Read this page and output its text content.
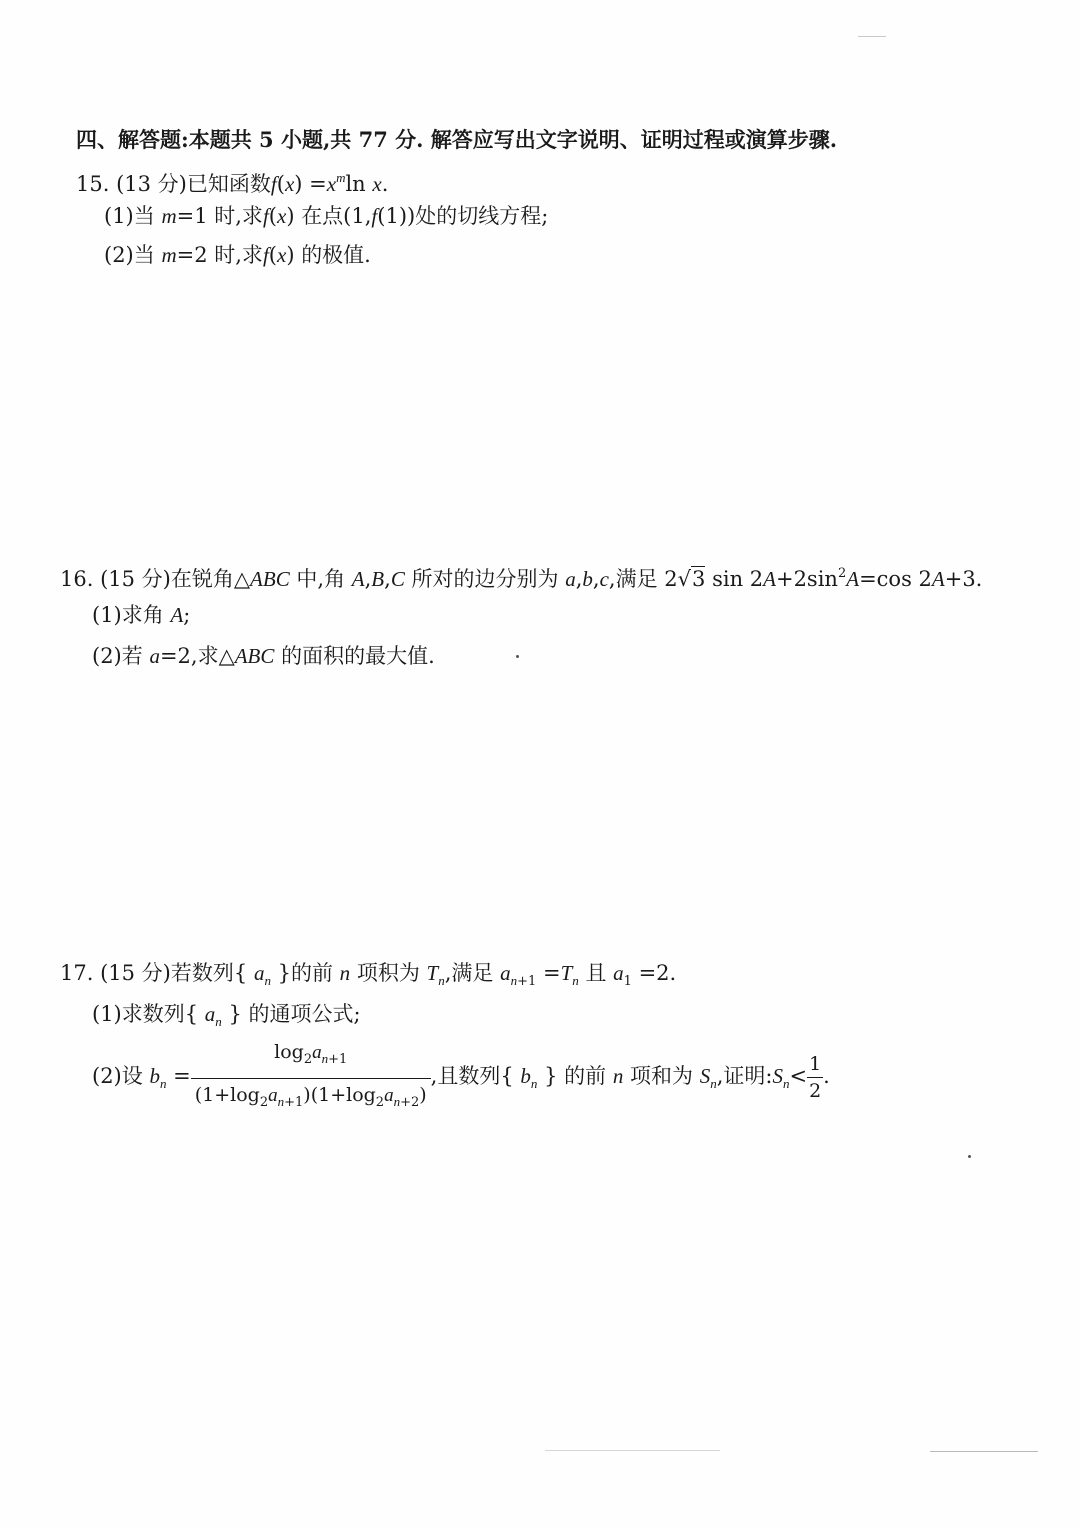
四、解答题:本题共 5 小题,共 77 分. 解答应写出文字说明、证明过程或演算步骤.
15. (13 分)已知函数$f(x) =x^m\ln$ x.
(1)当 m=1 时,求f(x) 在点(1,f(1))处的切线方程;
(2)当 m=2 时,求f(x) 的极值.
16. (15 分)在锐角△ABC 中,角 A,B,C 所对的边分别为 a,b,c,满足 2√3 $\sin 2A+2\sin^2A=\cos$ 2A+3.
(1)求角 A;
(2)若 a=2,求△ABC 的面积的最大值.
17. (15 分)若数列{ $a_n$ }的前 n 项积为 $T_n$,满足 $a_{n+1} =T_n$ 且 $a_1 =2$.
(1)求数列{ $a_n$ } 的通项公式;
(2)设 $b_n = \frac{\log_2a_{n+1}}{(1+\log_2a_{n+1})(1+\log_2a_{n+2})}$ ,且数列{ $b_n$ } 的前 n 项和为 $S_n$,证明$:S_n< \frac{1}{2}$ .
